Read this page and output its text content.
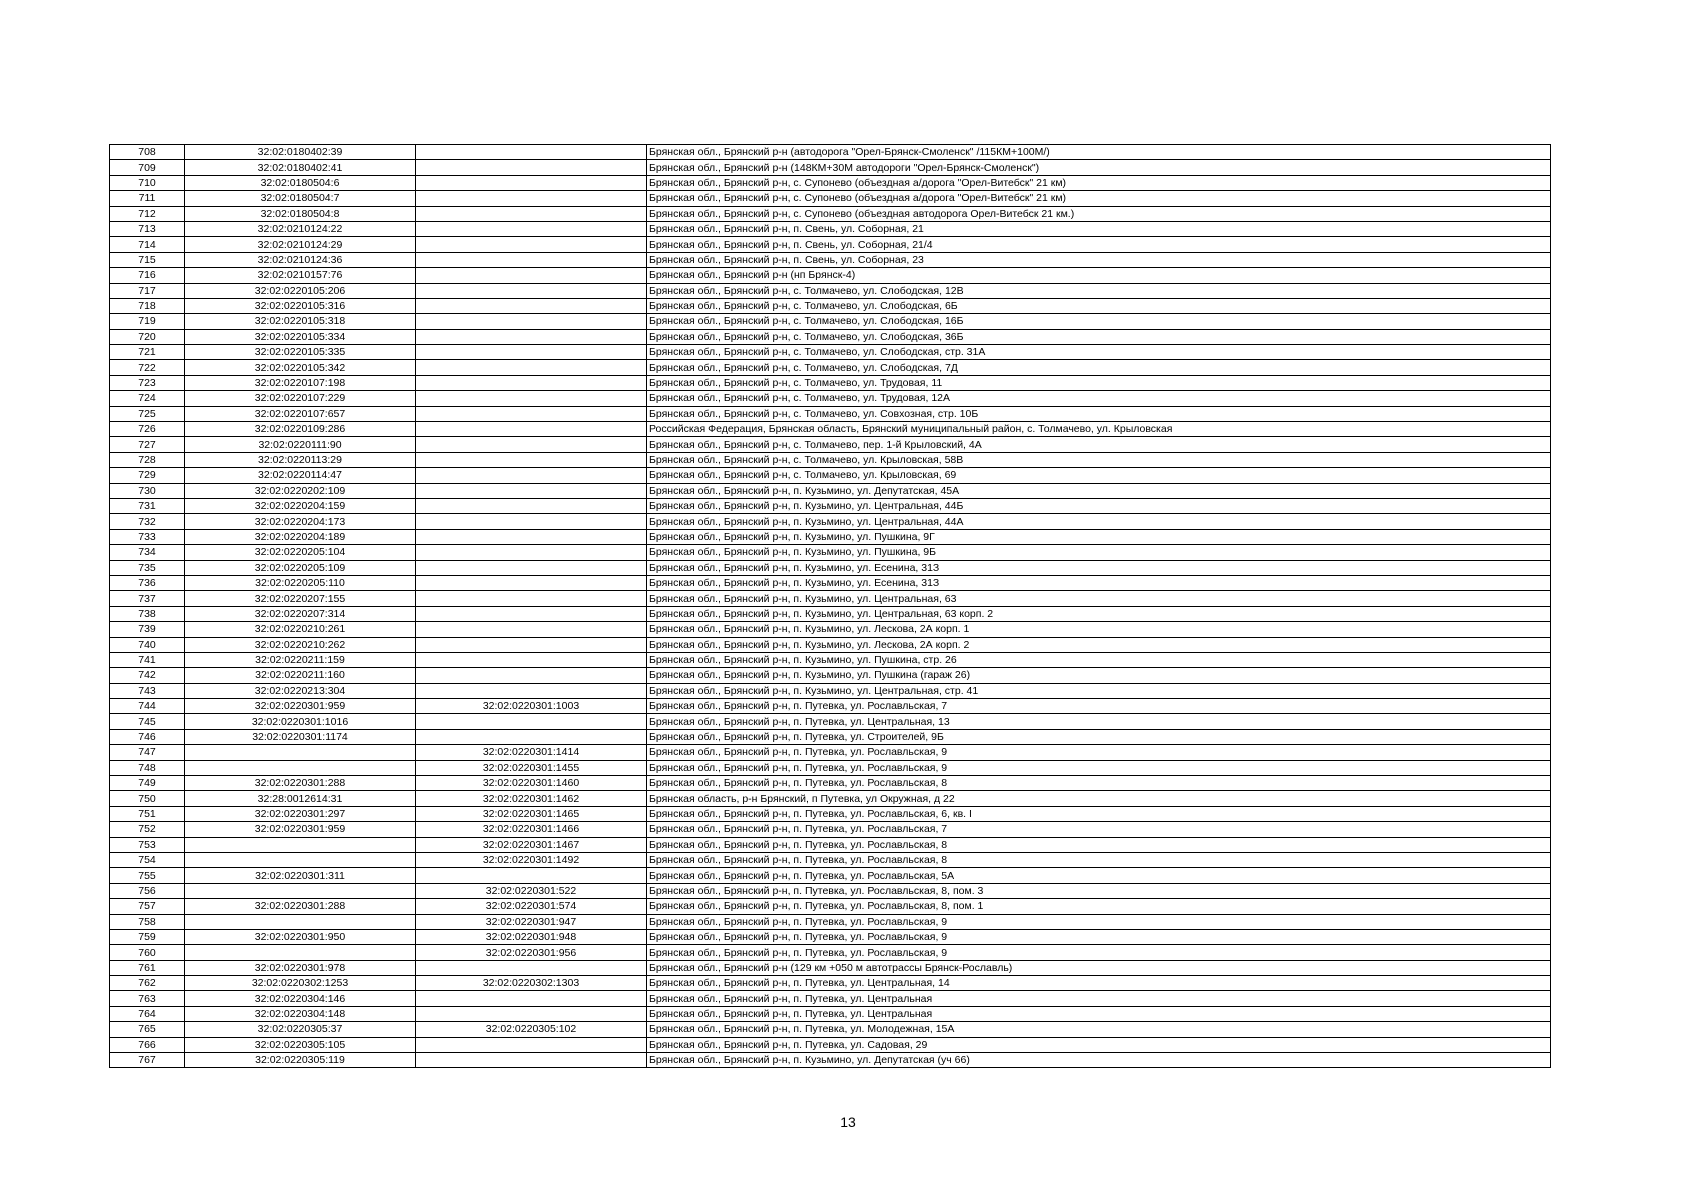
708	32:02:0180402:39		Брянская обл., Брянский р-н (автодорога "Орел-Брянск-Смоленск" /115КМ+100М/)
709	32:02:0180402:41		Брянская обл., Брянский р-н (148КМ+30М автодороги "Орел-Брянск-Смоленск")
710	32:02:0180504:6		Брянская обл., Брянский р-н, с. Супонево (объездная а/дорога "Орел-Витебск" 21 км)
711	32:02:0180504:7		Брянская обл., Брянский р-н, с. Супонево (объездная а/дорога "Орел-Витебск" 21 км)
712	32:02:0180504:8		Брянская обл., Брянский р-н, с. Супонево (объездная автодорога Орел-Витебск 21 км.)
713	32:02:0210124:22		Брянская обл., Брянский р-н, п. Свень, ул. Соборная, 21
714	32:02:0210124:29		Брянская обл., Брянский р-н, п. Свень, ул. Соборная, 21/4
715	32:02:0210124:36		Брянская обл., Брянский р-н, п. Свень, ул. Соборная, 23
716	32:02:0210157:76		Брянская обл., Брянский р-н (нп Брянск-4)
717	32:02:0220105:206		Брянская обл., Брянский р-н, с. Толмачево, ул. Слободская, 12В
718	32:02:0220105:316		Брянская обл., Брянский р-н, с. Толмачево, ул. Слободская, 6Б
719	32:02:0220105:318		Брянская обл., Брянский р-н, с. Толмачево, ул. Слободская, 16Б
720	32:02:0220105:334		Брянская обл., Брянский р-н, с. Толмачево, ул. Слободская, 36Б
721	32:02:0220105:335		Брянская обл., Брянский р-н, с. Толмачево, ул. Слободская, стр. 31А
722	32:02:0220105:342		Брянская обл., Брянский р-н, с. Толмачево, ул. Слободская, 7Д
723	32:02:0220107:198		Брянская обл., Брянский р-н, с. Толмачево, ул. Трудовая, 11
724	32:02:0220107:229		Брянская обл., Брянский р-н, с. Толмачево, ул. Трудовая, 12А
725	32:02:0220107:657		Брянская обл., Брянский р-н, с. Толмачево, ул. Совхозная, стр. 10Б
726	32:02:0220109:286		Российская Федерация, Брянская область, Брянский муниципальный район, с. Толмачево, ул. Крыловская
727	32:02:0220111:90		Брянская обл., Брянский р-н, с. Толмачево, пер. 1-й Крыловский, 4А
728	32:02:0220113:29		Брянская обл., Брянский р-н, с. Толмачево, ул. Крыловская, 58В
729	32:02:0220114:47		Брянская обл., Брянский р-н, с. Толмачево, ул. Крыловская, 69
730	32:02:0220202:109		Брянская обл., Брянский р-н, п. Кузьмино, ул. Депутатская, 45А
731	32:02:0220204:159		Брянская обл., Брянский р-н, п. Кузьмино, ул. Центральная, 44Б
732	32:02:0220204:173		Брянская обл., Брянский р-н, п. Кузьмино, ул. Центральная, 44А
733	32:02:0220204:189		Брянская обл., Брянский р-н, п. Кузьмино, ул. Пушкина, 9Г
734	32:02:0220205:104		Брянская обл., Брянский р-н, п. Кузьмино, ул. Пушкина, 9Б
735	32:02:0220205:109		Брянская обл., Брянский р-н, п. Кузьмино, ул. Есенина, 31З
736	32:02:0220205:110		Брянская обл., Брянский р-н, п. Кузьмино, ул. Есенина, 31З
737	32:02:0220207:155		Брянская обл., Брянский р-н, п. Кузьмино, ул. Центральная, 63
738	32:02:0220207:314		Брянская обл., Брянский р-н, п. Кузьмино, ул. Центральная, 63 корп. 2
739	32:02:0220210:261		Брянская обл., Брянский р-н, п. Кузьмино, ул. Лескова, 2А корп. 1
740	32:02:0220210:262		Брянская обл., Брянский р-н, п. Кузьмино, ул. Лескова, 2А корп. 2
741	32:02:0220211:159		Брянская обл., Брянский р-н, п. Кузьмино, ул. Пушкина, стр. 26
742	32:02:0220211:160		Брянская обл., Брянский р-н, п. Кузьмино, ул. Пушкина (гараж 26)
743	32:02:0220213:304		Брянская обл., Брянский р-н, п. Кузьмино, ул. Центральная, стр. 41
744	32:02:0220301:959	32:02:0220301:1003	Брянская обл., Брянский р-н, п. Путевка, ул. Рославльская, 7
745	32:02:0220301:1016		Брянская обл., Брянский р-н, п. Путевка, ул. Центральная, 13
746	32:02:0220301:1174		Брянская обл., Брянский р-н, п. Путевка, ул. Строителей, 9Б
747		32:02:0220301:1414	Брянская обл., Брянский р-н, п. Путевка, ул. Рославльская, 9
748		32:02:0220301:1455	Брянская обл., Брянский р-н, п. Путевка, ул. Рославльская, 9
749	32:02:0220301:288	32:02:0220301:1460	Брянская обл., Брянский р-н, п. Путевка, ул. Рославльская, 8
750	32:28:0012614:31	32:02:0220301:1462	Брянская область, р-н Брянский, п Путевка, ул Окружная, д 22
751	32:02:0220301:297	32:02:0220301:1465	Брянская обл., Брянский р-н, п. Путевка, ул. Рославльская, 6, кв. I
752	32:02:0220301:959	32:02:0220301:1466	Брянская обл., Брянский р-н, п. Путевка, ул. Рославльская, 7
753		32:02:0220301:1467	Брянская обл., Брянский р-н, п. Путевка, ул. Рославльская, 8
754		32:02:0220301:1492	Брянская обл., Брянский р-н, п. Путевка, ул. Рославльская, 8
755	32:02:0220301:311		Брянская обл., Брянский р-н, п. Путевка, ул. Рославльская, 5А
756		32:02:0220301:522	Брянская обл., Брянский р-н, п. Путевка, ул. Рославльская, 8, пом. 3
757	32:02:0220301:288	32:02:0220301:574	Брянская обл., Брянский р-н, п. Путевка, ул. Рославльская, 8, пом. 1
758		32:02:0220301:947	Брянская обл., Брянский р-н, п. Путевка, ул. Рославльская, 9
759	32:02:0220301:950	32:02:0220301:948	Брянская обл., Брянский р-н, п. Путевка, ул. Рославльская, 9
760		32:02:0220301:956	Брянская обл., Брянский р-н, п. Путевка, ул. Рославльская, 9
761	32:02:0220301:978		Брянская обл., Брянский р-н (129 км +050 м автотрассы Брянск-Рославль)
762	32:02:0220302:1253	32:02:0220302:1303	Брянская обл., Брянский р-н, п. Путевка, ул. Центральная, 14
763	32:02:0220304:146		Брянская обл., Брянский р-н, п. Путевка, ул. Центральная
764	32:02:0220304:148		Брянская обл., Брянский р-н, п. Путевка, ул. Центральная
765	32:02:0220305:37	32:02:0220305:102	Брянская обл., Брянский р-н, п. Путевка, ул. Молодежная, 15А
766	32:02:0220305:105		Брянская обл., Брянский р-н, п. Путевка, ул. Садовая, 29
767	32:02:0220305:119		Брянская обл., Брянский р-н, п. Кузьмино, ул. Депутатская (уч 66)
13
